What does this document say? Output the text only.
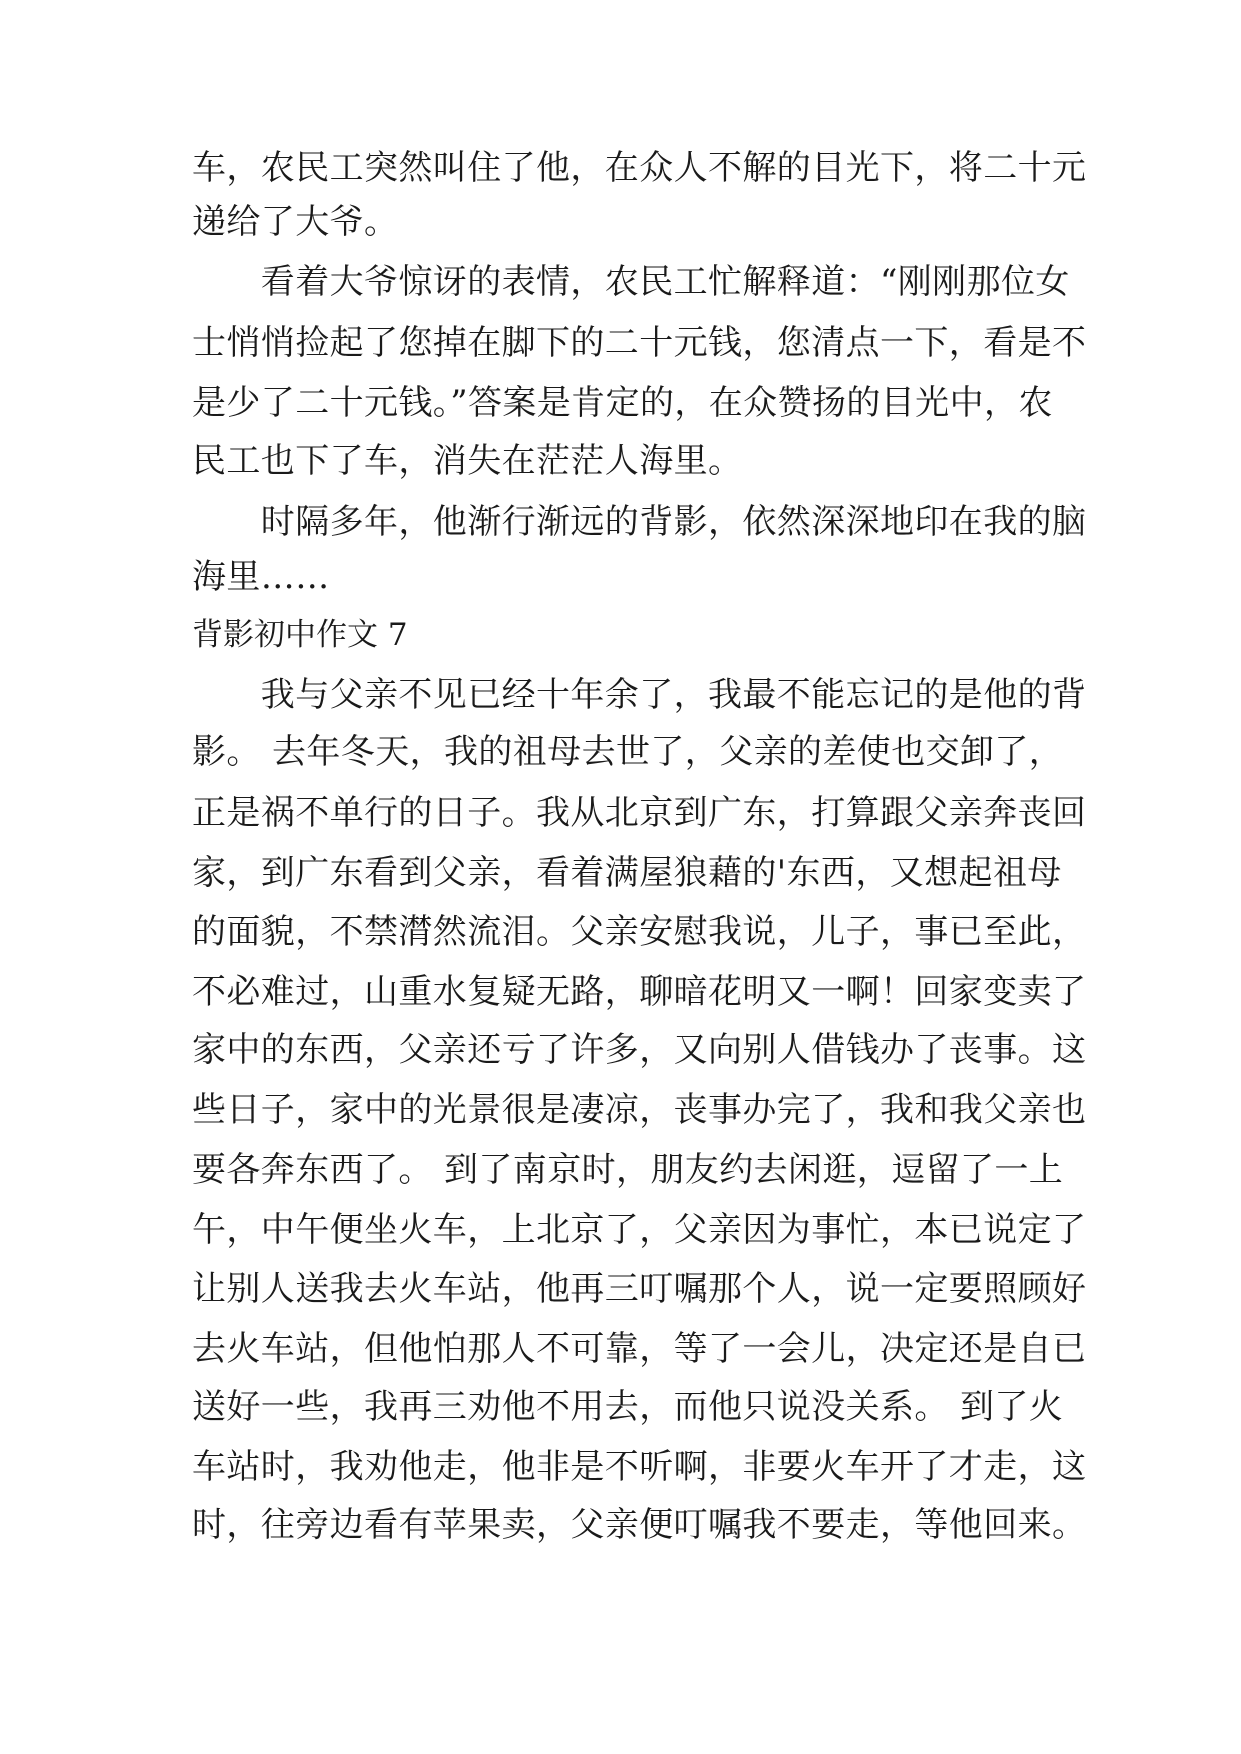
车，农民工突然叫住了他，在众人不解的目光下，将二十元
递给了大爷。
　　看着大爷惊讶的表情，农民工忙解释道：“刚刚那位女
士悄悄捡起了您掉在脚下的二十元钱，您清点一下，看是不
是少了二十元钱。”答案是肯定的，在众赞扬的目光中，农
民工也下了车，消失在茫茫人海里。
　　时隔多年，他渐行渐远的背影，依然深深地印在我的脑
海里……
背影初中作文 7
　　我与父亲不见已经十年余了，我最不能忘记的是他的背
影。 去年冬天，我的祖母去世了，父亲的差使也交卸了，
正是祸不单行的日子。我从北京到广东，打算跟父亲奔丧回
家，到广东看到父亲，看着满屋狼藉的'东西，又想起祖母
的面貌，不禁潸然流泪。父亲安慰我说，儿子，事已至此，
不必难过，山重水复疑无路，聊暗花明又一啊！回家变卖了
家中的东西，父亲还亏了许多，又向别人借钱办了丧事。这
些日子，家中的光景很是凄凉，丧事办完了，我和我父亲也
要各奔东西了。 到了南京时，朋友约去闲逛，逗留了一上
午，中午便坐火车，上北京了，父亲因为事忙，本已说定了
让别人送我去火车站，他再三叮嘱那个人，说一定要照顾好
去火车站，但他怕那人不可靠，等了一会儿，决定还是自已
送好一些，我再三劝他不用去，而他只说没关系。 到了火
车站时，我劝他走，他非是不听啊，非要火车开了才走，这
时，往旁边看有苹果卖，父亲便叮嘱我不要走，等他回来。
